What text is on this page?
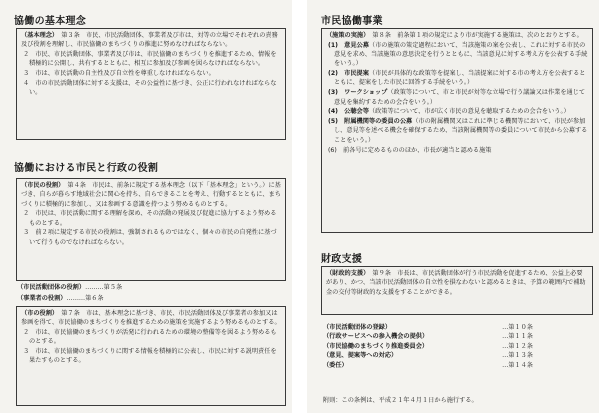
協働の基本理念

（基本理念）　第３条　市民、市民活動団体、事業者及び市は、対等の立場でそれぞれの責務及び役割を理解し、市民協働のまちづくりの推進に努めなければならない。

２　市民、市民活動団体、事業者及び市は、市民協働のまちづくりを推進するため、情報を積極的に公開し、共有するとともに、相互に参加及び参画を図らなければならない。

３　市は、市民活動の自主性及び自立性を尊重しなければならない。

４　市の市民活動団体に対する支援は、その公益性に基づき、公正に行われなければならない。

協働における市民と行政の役割

（市民の役割）　第４条　市民は、前条に規定する基本理念（以下「基本理念」という。）に基づき、自らが暮らす地域社会に関心を持ち、自らできることを考え、行動するとともに、まちづくりに積極的に参加し、又は参画する意識を持つよう努めるものとする。

２　市民は、市民活動に関する理解を深め、その活動の発展及び促進に協力するよう努めるものとする。

３　前２項に規定する市民の役割は、強制されるものではなく、個々の市民の自発性に基づいて行うものでなければならない。

（市民活動団体の役割）………第５条
（事業者の役割）………第６条

（市の役割）　第７条　市は、基本理念に基づき、市民、市民活動団体及び事業者の参加又は参画を得て、市民協働のまちづくりを推進するための施策を実施するよう努めるものとする。

２　市は、市民協働のまちづくりが活発に行われるための環境の整備等を図るよう努めるものとする。

３　市は、市民協働のまちづくりに関する情報を積極的に公表し、市民に対する説明責任を果たすものとする。

市民協働事業

（施策の実施）　第８条　前条第１項の規定により市が実施する施策は、次のとおりとする。

(1)　意見公募（市の施策の策定過程において、当該施策の案を公表し、これに対する市民の意見を求め、当該施策の意思決定を行うとともに、当該意見に対する考え方を公表する手続をいう。）

(2)　市民提案（市民が具体的な政策等を提案し、当該提案に対する市の考え方を公表するとともに、提案をした市民に回答する手続をいう。）

(3)　ワークショップ（政策等について、市と市民が対等な立場で行う議論又は作業を通じて意見を集約するための会合をいう。）

(4)　公聴会等（政策等について、市が広く市民の意見を聴取するための会合をいう。）

(5)　附属機関等の委員の公募（市の附属機関又はこれに準じる機関等において、市民が参加し、意見等を述べる機会を確保するため、当該附属機関等の委員について市民から公募することをいう。）

(6)　前各号に定めるもののほか、市長が適当と認める施策

財政支援

（財政的支援）　第９条　市長は、市民活動団体が行う市民活動を促進するため、公益上必要があり、かつ、当該市民活動団体の自立性を損なわないと認めるときは、予算の範囲内で補助金の交付等財政的な支援をすることができる。

（市民活動団体の登録）	…第１０条
（行政サービスへの参入機会の提供）	…第１１条
（市民協働のまちづくり推進委員会）	…第１２条
（意見、提案等への対応）	…第１３条
（委任）	…第１４条
附則：この条例は、平成２１年４月１日から施行する。
